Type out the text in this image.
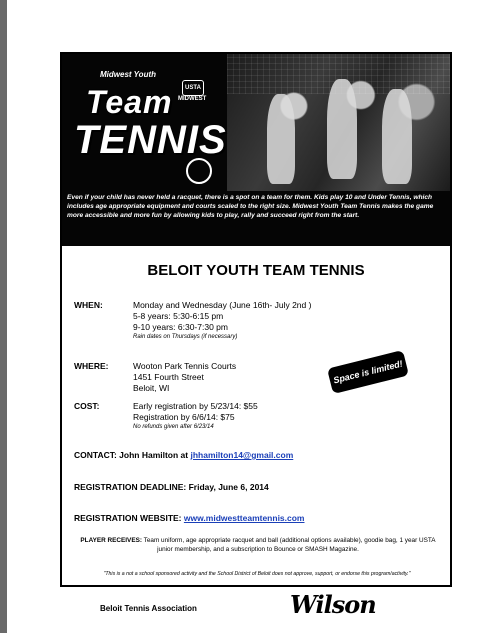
Midwest Youth
Team
TENNIS
USTA
MIDWEST
Even if your child has never held a racquet, there is a spot on a team for them. Kids play 10 and Under Tennis, which includes age appropriate equipment and courts scaled to the right size. Midwest Youth Team Tennis makes the game more accessible and more fun by allowing kids to play, rally and succeed right from the start.
BELOIT YOUTH TEAM TENNIS
WHEN:	Monday and Wednesday (June 16th- July 2nd )
5-8 years: 5:30-6:15 pm
9-10 years: 6:30-7:30 pm
Rain dates on Thursdays (if necessary)
WHERE:	Wooton Park Tennis Courts
1451 Fourth Street
Beloit, WI
Space is limited!
COST:	Early registration by 5/23/14: $55
Registration by 6/6/14: $75
No refunds given after 6/23/14
CONTACT: John Hamilton at jhhamilton14@gmail.com
REGISTRATION DEADLINE: Friday, June 6, 2014
REGISTRATION WEBSITE: www.midwestteamtennis.com
PLAYER RECEIVES: Team uniform, age appropriate racquet and ball (additional options available), goodie bag, 1 year USTA junior membership, and a subscription to Bounce or SMASH Magazine.
"This is a not a school sponsored activity and the School District of Beloit does not approve, support, or endorse this program/activity."
Beloit Tennis Association	Wilson
